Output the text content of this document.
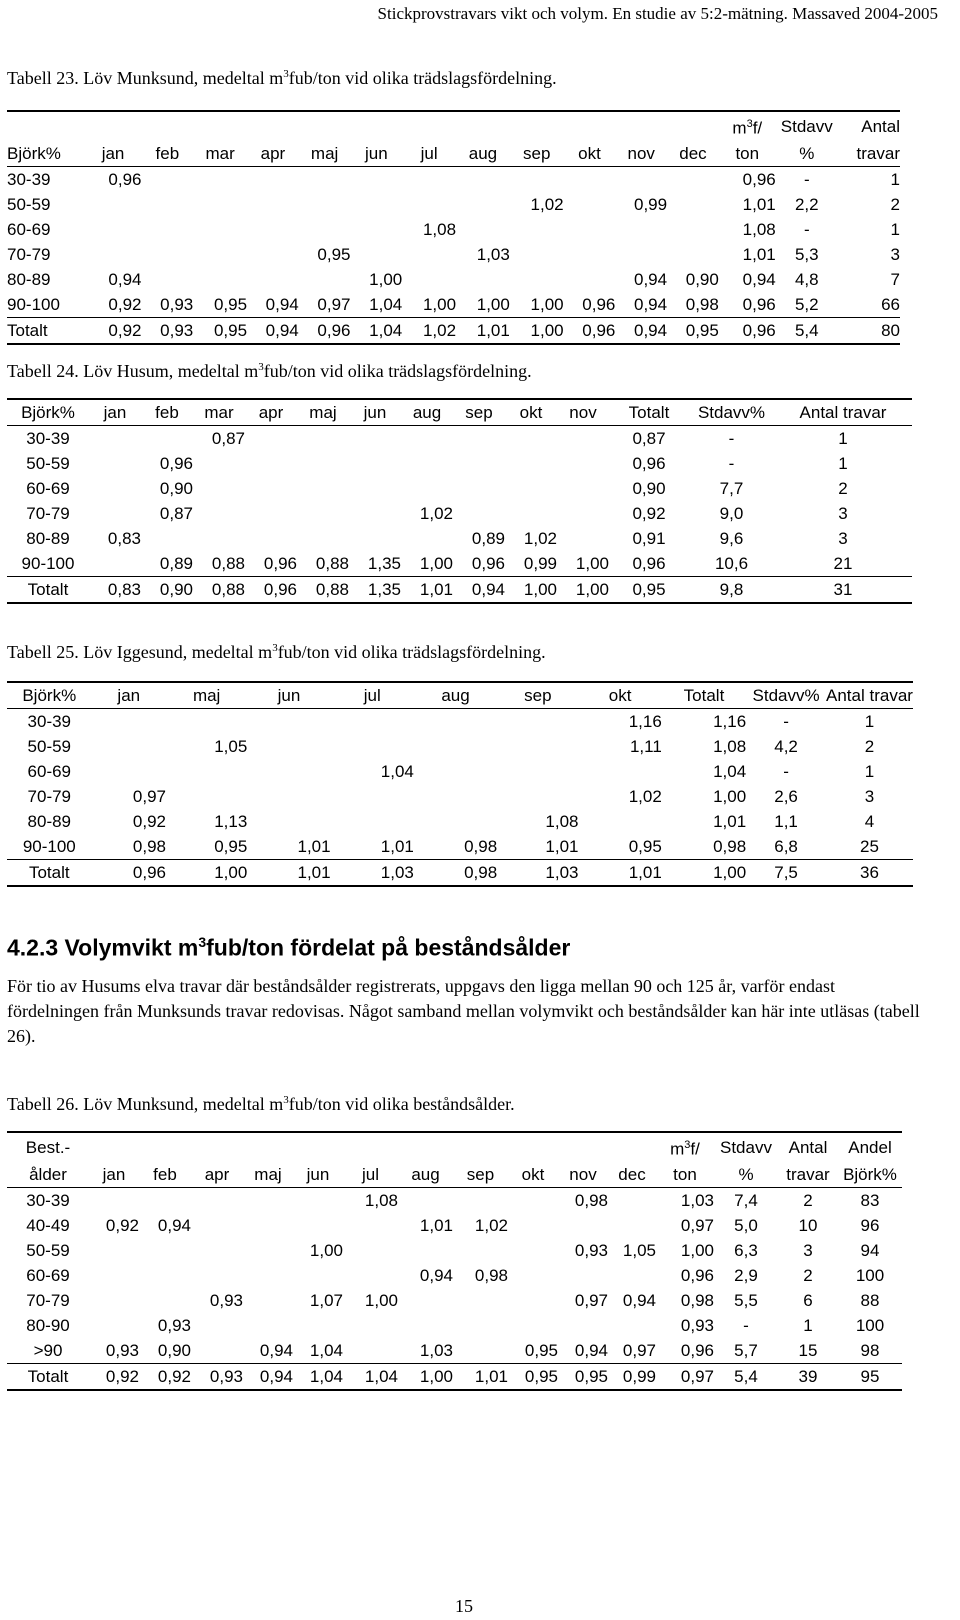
Stickprovstravars vikt och volym. En studie av 5:2-mätning. Massaved 2004-2005
Tabell 23. Löv Munksund, medeltal $m^3fub$/ton vid olika trädslagsfördelning.
													$m^3f/$	Stdavv	Antal
Björk%	jan	feb	mar	apr	maj	jun	jul	aug	sep	okt	nov	dec	ton	%	travar
30-39	0,96												0,96	-	1
50-59									1,02		0,99		1,01	2,2	2
60-69							1,08						1,08	-	1
70-79					0,95			1,03					1,01	5,3	3
80-89	0,94					1,00					0,94	0,90	0,94	4,8	7
90-100	0,92	0,93	0,95	0,94	0,97	1,04	1,00	1,00	1,00	0,96	0,94	0,98	0,96	5,2	66
Totalt	0,92	0,93	0,95	0,94	0,96	1,04	1,02	1,01	1,00	0,96	0,94	0,95	0,96	5,4	80
Tabell 24. Löv Husum, medeltal $m^3fub$/ton vid olika trädslagsfördelning.
Björk%	jan	feb	mar	apr	maj	jun	aug	sep	okt	nov	Totalt	Stdavv%	Antal travar
30-39			0,87								0,87	-	1
50-59		0,96									0,96	-	1
60-69		0,90									0,90	7,7	2
70-79		0,87					1,02				0,92	9,0	3
80-89	0,83							0,89	1,02		0,91	9,6	3
90-100		0,89	0,88	0,96	0,88	1,35	1,00	0,96	0,99	1,00	0,96	10,6	21
Totalt	0,83	0,90	0,88	0,96	0,88	1,35	1,01	0,94	1,00	1,00	0,95	9,8	31
Tabell 25. Löv Iggesund, medeltal $m^3fub$/ton vid olika trädslagsfördelning.
Björk%	jan	maj	jun	jul	aug	sep	okt	Totalt	Stdavv%	Antal travar
30-39							1,16	1,16	-	1
50-59		1,05					1,11	1,08	4,2	2
60-69				1,04				1,04	-	1
70-79	0,97						1,02	1,00	2,6	3
80-89	0,92	1,13				1,08		1,01	1,1	4
90-100	0,98	0,95	1,01	1,01	0,98	1,01	0,95	0,98	6,8	25
Totalt	0,96	1,00	1,01	1,03	0,98	1,03	1,01	1,00	7,5	36
4.2.3 Volymvikt $m^3fub$/ton fördelat på beståndsålder
För tio av Husums elva travar där beståndsålder registrerats, uppgavs den ligga mellan 90 och 125 år, varför endast fördelningen från Munksunds travar redovisas. Något samband mellan volymvikt och beståndsålder kan här inte utläsas (tabell 26).
Tabell 26. Löv Munksund, medeltal $m^3fub$/ton vid olika beståndsålder.
Best.-												$m^3f/$	Stdavv	Antal	Andel
ålder	jan	feb	apr	maj	jun	jul	aug	sep	okt	nov	dec	ton	%	travar	Björk%
30-39						1,08				0,98		1,03	7,4	2	83
40-49	0,92	0,94					1,01	1,02				0,97	5,0	10	96
50-59					1,00					0,93	1,05	1,00	6,3	3	94
60-69							0,94	0,98				0,96	2,9	2	100
70-79			0,93		1,07	1,00				0,97	0,94	0,98	5,5	6	88
80-90		0,93										0,93	-	1	100
>90	0,93	0,90		0,94	1,04		1,03		0,95	0,94	0,97	0,96	5,7	15	98
Totalt	0,92	0,92	0,93	0,94	1,04	1,04	1,00	1,01	0,95	0,95	0,99	0,97	5,4	39	95
15
